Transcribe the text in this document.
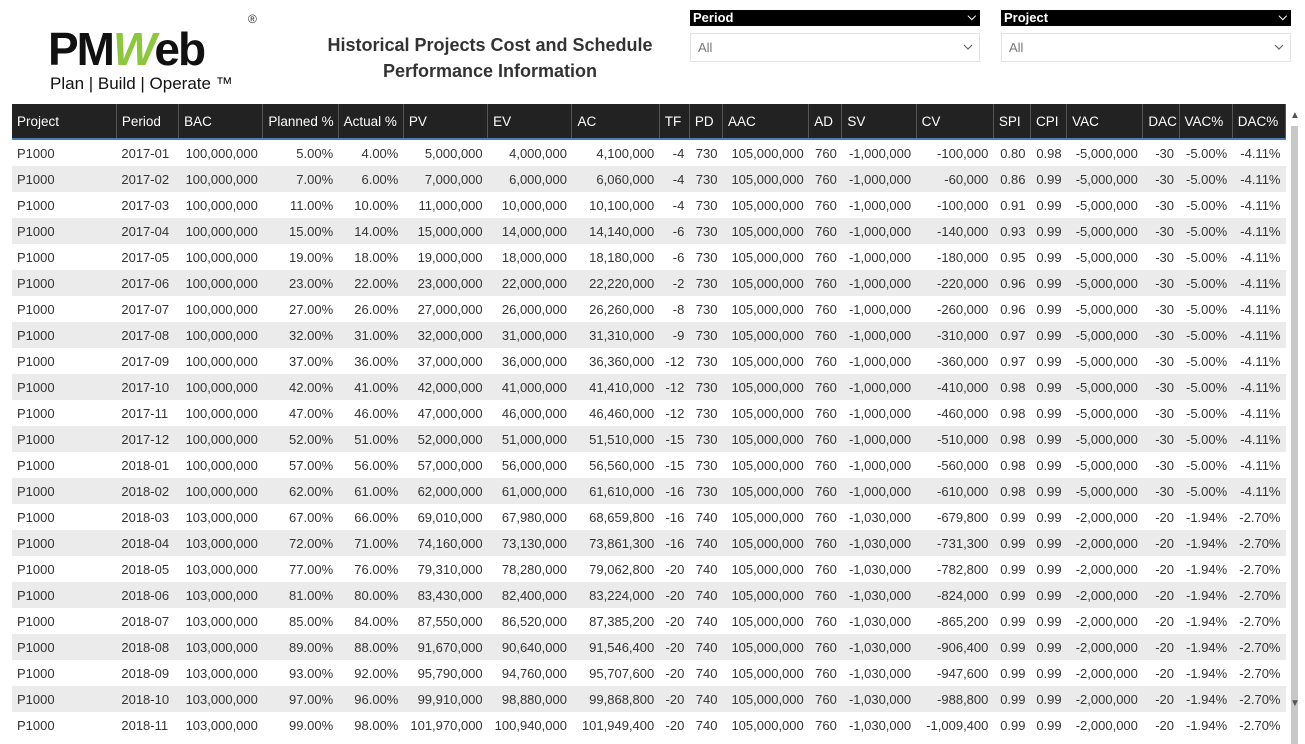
PMWeb
®
Plan | Build | Operate ™
Historical Projects Cost and Schedule
Performance Information
Period	⌵
All
Project	⌵
All
Project	Period	BAC	Planned %	Actual %	PV	EV	AC	TF	PD	AAC	AD	SV	CV	SPI	CPI	VAC	DAC	VAC%	DAC%
P1000	2017-01	100,000,000	5.00%	4.00%	5,000,000	4,000,000	4,100,000	-4	730	105,000,000	760	-1,000,000	-100,000	0.80	0.98	-5,000,000	-30	-5.00%	-4.11%
P1000	2017-02	100,000,000	7.00%	6.00%	7,000,000	6,000,000	6,060,000	-4	730	105,000,000	760	-1,000,000	-60,000	0.86	0.99	-5,000,000	-30	-5.00%	-4.11%
P1000	2017-03	100,000,000	11.00%	10.00%	11,000,000	10,000,000	10,100,000	-4	730	105,000,000	760	-1,000,000	-100,000	0.91	0.99	-5,000,000	-30	-5.00%	-4.11%
P1000	2017-04	100,000,000	15.00%	14.00%	15,000,000	14,000,000	14,140,000	-6	730	105,000,000	760	-1,000,000	-140,000	0.93	0.99	-5,000,000	-30	-5.00%	-4.11%
P1000	2017-05	100,000,000	19.00%	18.00%	19,000,000	18,000,000	18,180,000	-6	730	105,000,000	760	-1,000,000	-180,000	0.95	0.99	-5,000,000	-30	-5.00%	-4.11%
P1000	2017-06	100,000,000	23.00%	22.00%	23,000,000	22,000,000	22,220,000	-2	730	105,000,000	760	-1,000,000	-220,000	0.96	0.99	-5,000,000	-30	-5.00%	-4.11%
P1000	2017-07	100,000,000	27.00%	26.00%	27,000,000	26,000,000	26,260,000	-8	730	105,000,000	760	-1,000,000	-260,000	0.96	0.99	-5,000,000	-30	-5.00%	-4.11%
P1000	2017-08	100,000,000	32.00%	31.00%	32,000,000	31,000,000	31,310,000	-9	730	105,000,000	760	-1,000,000	-310,000	0.97	0.99	-5,000,000	-30	-5.00%	-4.11%
P1000	2017-09	100,000,000	37.00%	36.00%	37,000,000	36,000,000	36,360,000	-12	730	105,000,000	760	-1,000,000	-360,000	0.97	0.99	-5,000,000	-30	-5.00%	-4.11%
P1000	2017-10	100,000,000	42.00%	41.00%	42,000,000	41,000,000	41,410,000	-12	730	105,000,000	760	-1,000,000	-410,000	0.98	0.99	-5,000,000	-30	-5.00%	-4.11%
P1000	2017-11	100,000,000	47.00%	46.00%	47,000,000	46,000,000	46,460,000	-12	730	105,000,000	760	-1,000,000	-460,000	0.98	0.99	-5,000,000	-30	-5.00%	-4.11%
P1000	2017-12	100,000,000	52.00%	51.00%	52,000,000	51,000,000	51,510,000	-15	730	105,000,000	760	-1,000,000	-510,000	0.98	0.99	-5,000,000	-30	-5.00%	-4.11%
P1000	2018-01	100,000,000	57.00%	56.00%	57,000,000	56,000,000	56,560,000	-15	730	105,000,000	760	-1,000,000	-560,000	0.98	0.99	-5,000,000	-30	-5.00%	-4.11%
P1000	2018-02	100,000,000	62.00%	61.00%	62,000,000	61,000,000	61,610,000	-16	730	105,000,000	760	-1,000,000	-610,000	0.98	0.99	-5,000,000	-30	-5.00%	-4.11%
P1000	2018-03	103,000,000	67.00%	66.00%	69,010,000	67,980,000	68,659,800	-16	740	105,000,000	760	-1,030,000	-679,800	0.99	0.99	-2,000,000	-20	-1.94%	-2.70%
P1000	2018-04	103,000,000	72.00%	71.00%	74,160,000	73,130,000	73,861,300	-16	740	105,000,000	760	-1,030,000	-731,300	0.99	0.99	-2,000,000	-20	-1.94%	-2.70%
P1000	2018-05	103,000,000	77.00%	76.00%	79,310,000	78,280,000	79,062,800	-20	740	105,000,000	760	-1,030,000	-782,800	0.99	0.99	-2,000,000	-20	-1.94%	-2.70%
P1000	2018-06	103,000,000	81.00%	80.00%	83,430,000	82,400,000	83,224,000	-20	740	105,000,000	760	-1,030,000	-824,000	0.99	0.99	-2,000,000	-20	-1.94%	-2.70%
P1000	2018-07	103,000,000	85.00%	84.00%	87,550,000	86,520,000	87,385,200	-20	740	105,000,000	760	-1,030,000	-865,200	0.99	0.99	-2,000,000	-20	-1.94%	-2.70%
P1000	2018-08	103,000,000	89.00%	88.00%	91,670,000	90,640,000	91,546,400	-20	740	105,000,000	760	-1,030,000	-906,400	0.99	0.99	-2,000,000	-20	-1.94%	-2.70%
P1000	2018-09	103,000,000	93.00%	92.00%	95,790,000	94,760,000	95,707,600	-20	740	105,000,000	760	-1,030,000	-947,600	0.99	0.99	-2,000,000	-20	-1.94%	-2.70%
P1000	2018-10	103,000,000	97.00%	96.00%	99,910,000	98,880,000	99,868,800	-20	740	105,000,000	760	-1,030,000	-988,800	0.99	0.99	-2,000,000	-20	-1.94%	-2.70%
P1000	2018-11	103,000,000	99.00%	98.00%	101,970,000	100,940,000	101,949,400	-20	740	105,000,000	760	-1,030,000	-1,009,400	0.99	0.99	-2,000,000	-20	-1.94%	-2.70%
▲
▼
